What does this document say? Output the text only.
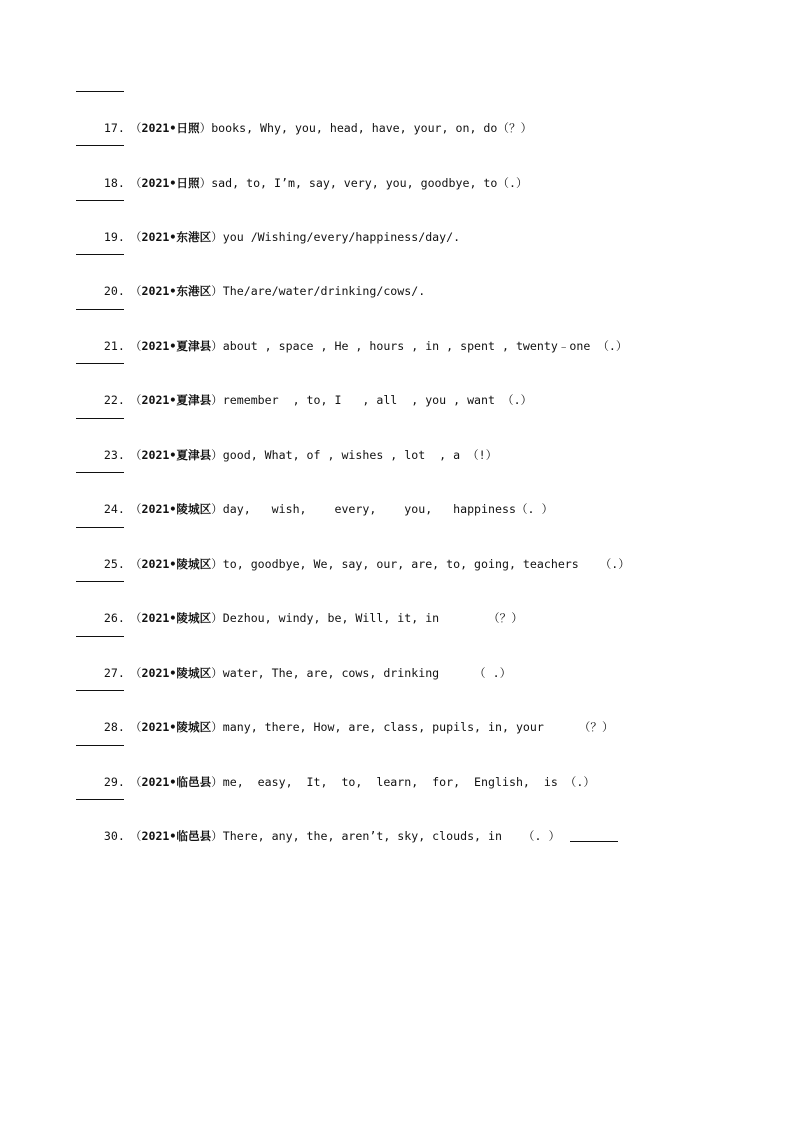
17. （2021•日照）books, Why, you, head, have, your, on, do（？）

18. （2021•日照）sad, to, I’m, say, very, you, goodbye, to（.）

19. （2021•东港区）you /Wishing/every/happiness/day/.

20. （2021•东港区）The/are/water/drinking/cows/.

21. （2021•夏津县）about , space , He , hours , in , spent , twenty﹣one （.）

22. （2021•夏津县）remember  , to, I   , all  , you , want （.）

23. （2021•夏津县）good, What, of , wishes , lot  , a （!）

24. （2021•陵城区）day,   wish,    every,    you,   happiness（. ）

25. （2021•陵城区）to, goodbye, We, say, our, are, to, going, teachers   （.）

26. （2021•陵城区）Dezhou, windy, be, Will, it, in       （？）

27. （2021•陵城区）water, The, are, cows, drinking     （ .）

28. （2021•陵城区）many, there, How, are, class, pupils, in, your     （？）

29. （2021•临邑县）me,  easy,  It,  to,  learn,  for,  English,  is （.）

30. （2021•临邑县）There, any, the, aren’t, sky, clouds, in   （. ）
